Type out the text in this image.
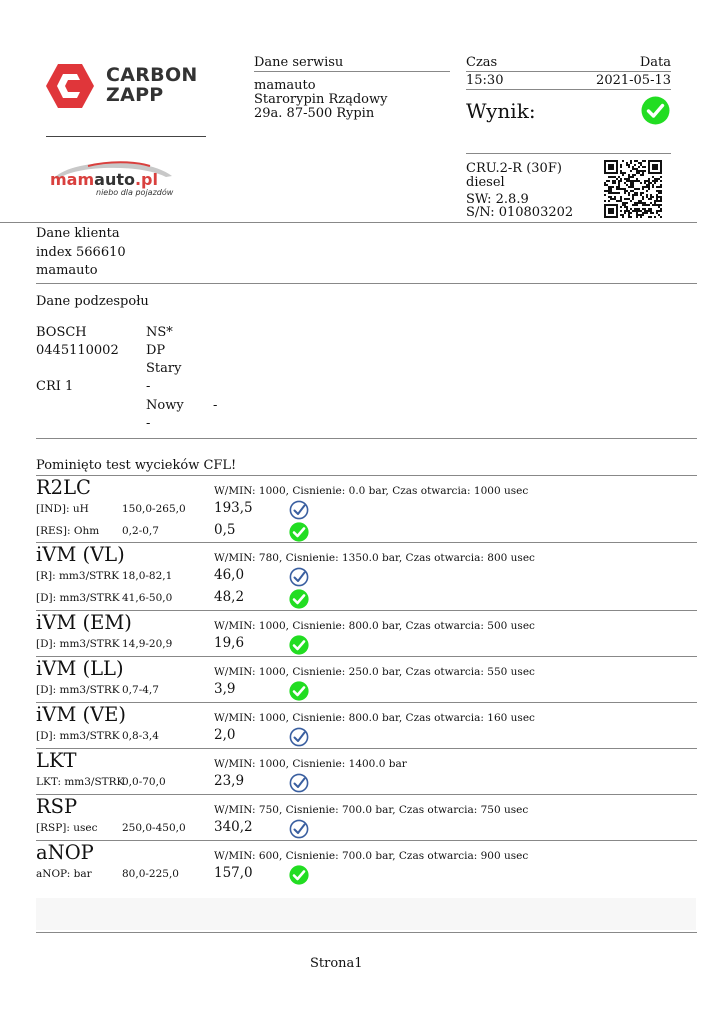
CARBON
ZAPP
mamauto.pl
niebo dla pojazdów
Dane serwisu
mamauto
Starorypin Rządowy
29a. 87-500 Rypin
Czas	Data
15:30	2021-05-13
Wynik:
CRU.2-R (30F)
diesel
SW: 2.8.9
S/N: 010803202
Dane klienta
index 566610
mamauto
Dane podzespołu
BOSCH
0445110002
CRI 1
NS*
DP
Stary
-
Nowy -
-
Pominięto test wycieków CFL!
R2LC	W/MIN: 1000, Cisnienie: 0.0 bar, Czas otwarcia: 1000 usec
[IND]: uH	150,0-265,0 193,5
[RES]: Ohm 0,2-0,7	0,5
iVM (VL)	W/MIN: 780, Cisnienie: 1350.0 bar, Czas otwarcia: 800 usec
[R]: mm3/STRK 18,0-82,1	46,0
[D]: mm3/STRK 41,6-50,0	48,2
iVM (EM)	W/MIN: 1000, Cisnienie: 800.0 bar, Czas otwarcia: 500 usec
[D]: mm3/STRK 14,9-20,9	19,6
iVM (LL)	W/MIN: 1000, Cisnienie: 250.0 bar, Czas otwarcia: 550 usec
[D]: mm3/STRK 0,7-4,7	3,9
iVM (VE)	W/MIN: 1000, Cisnienie: 800.0 bar, Czas otwarcia: 160 usec
[D]: mm3/STRK 0,8-3,4	2,0
LKT	W/MIN: 1000, Cisnienie: 1400.0 bar
LKT: mm3/STRK
0,0-70,0	23,9
RSP	W/MIN: 750, Cisnienie: 700.0 bar, Czas otwarcia: 750 usec
[RSP]: usec 250,0-450,0 340,2
aNOP	W/MIN: 600, Cisnienie: 700.0 bar, Czas otwarcia: 900 usec
aNOP: bar	80,0-225,0	157,0
Strona1
